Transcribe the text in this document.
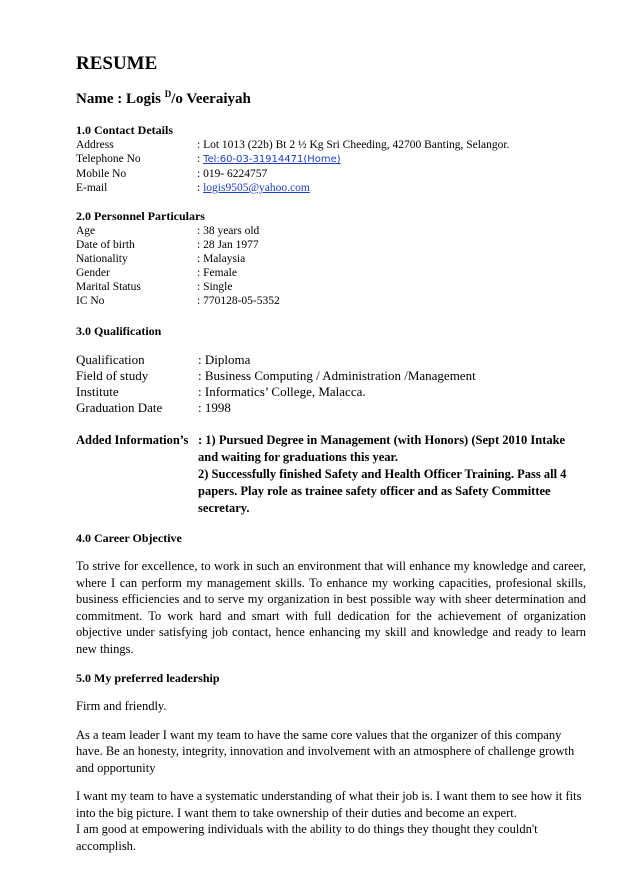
RESUME
Name : Logis $^D$/o Veeraiyah
1.0 Contact Details
Address	: Lot 1013 (22b) Bt 2 ½ Kg Sri Cheeding, 42700 Banting, Selangor.
Telephone No	: Tel:60-03-31914471(Home)
Mobile No	: 019- 6224757
E-mail	: logis9505@yahoo.com
2.0 Personnel Particulars
Age	: 38 years old
Date of birth	: 28 Jan 1977
Nationality	: Malaysia
Gender	: Female
Marital Status	: Single
IC No	: 770128-05-5352
3.0 Qualification
Qualification	: Diploma
Field of study	: Business Computing / Administration /Management
Institute	: Informatics’ College, Malacca.
Graduation Date	: 1998
Added Information’s : 1) Pursued Degree in Management (with Honors) (Sept 2010 Intake
and waiting for graduations this year.
2) Successfully finished Safety and Health Officer Training. Pass all 4
papers. Play role as trainee safety officer and as Safety Committee
secretary.
4.0 Career Objective

To strive for excellence, to work in such an environment that will enhance my knowledge and career, where I can perform my management skills. To enhance my working capacities, profesional skills, business efficiencies and to serve my organization in best possible way with sheer determination and commitment. To work hard and smart with full dedication for the achievement of organization objective under satisfying job contact, hence enhancing my skill and knowledge and ready to learn new things.

5.0 My preferred leadership

Firm and friendly.

As a team leader I want my team to have the same core values that the organizer of this company have. Be an honesty, integrity, innovation and involvement with an atmosphere of challenge growth and opportunity

I want my team to have a systematic understanding of what their job is. I want them to see how it fits into the big picture. I want them to take ownership of their duties and become an expert.

I am good at empowering individuals with the ability to do things they thought they couldn't accomplish.
